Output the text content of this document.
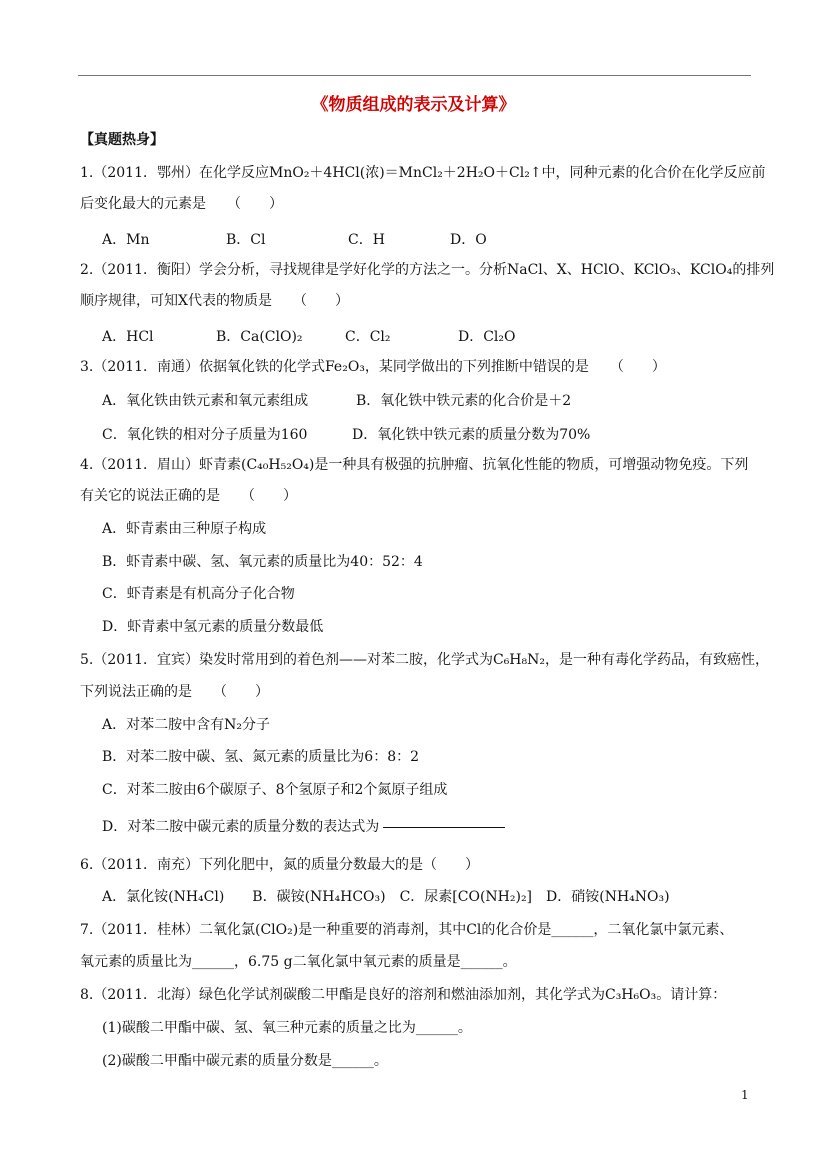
《物质组成的表示及计算》
【真题热身】
1.（2011．鄂州）在化学反应MnO₂＋4HCl(浓)＝MnCl₂＋2H₂O＋Cl₂↑中，同种元素的化合价在化学反应前
后变化最大的元素是　　（　　）
A．Mn	B．Cl	C．H	D．O
2.（2011．衡阳）学会分析，寻找规律是学好化学的方法之一。分析NaCl、X、HClO、KClO₃、KClO₄的排列
顺序规律，可知X代表的物质是　　（　　）
A．HCl	B．Ca(ClO)₂	C．Cl₂	D．Cl₂O
3.（2011．南通）依据氧化铁的化学式Fe₂O₃，某同学做出的下列推断中错误的是　　（　　）
A．氧化铁由铁元素和氧元素组成	B．氧化铁中铁元素的化合价是＋2
C．氧化铁的相对分子质量为160	D．氧化铁中铁元素的质量分数为70%
4.（2011．眉山）虾青素(C₄₀H₅₂O₄)是一种具有极强的抗肿瘤、抗氧化性能的物质，可增强动物免疫。下列
有关它的说法正确的是　　（　　）
A．虾青素由三种原子构成
B．虾青素中碳、氢、氧元素的质量比为40：52：4
C．虾青素是有机高分子化合物
D．虾青素中氢元素的质量分数最低
5.（2011．宜宾）染发时常用到的着色剂——对苯二胺，化学式为C₆H₈N₂，是一种有毒化学药品，有致癌性，
下列说法正确的是　　（　　）
A．对苯二胺中含有N₂分子
B．对苯二胺中碳、氢、氮元素的质量比为6：8：2
C．对苯二胺由6个碳原子、8个氢原子和2个氮原子组成
D．对苯二胺中碳元素的质量分数的表达式为
6.（2011．南充）下列化肥中，氮的质量分数最大的是（　　）
A．氯化铵(NH₄Cl)　　B．碳铵(NH₄HCO₃)　C．尿素[CO(NH₂)₂]　D．硝铵(NH₄NO₃)
7.（2011．桂林）二氧化氯(ClO₂)是一种重要的消毒剂，其中Cl的化合价是______，二氧化氯中氯元素、
氧元素的质量比为______，6.75 g二氧化氯中氧元素的质量是______。
8.（2011．北海）绿色化学试剂碳酸二甲酯是良好的溶剂和燃油添加剂，其化学式为C₃H₆O₃。请计算：
(1)碳酸二甲酯中碳、氢、氧三种元素的质量之比为______。
(2)碳酸二甲酯中碳元素的质量分数是______。
1
